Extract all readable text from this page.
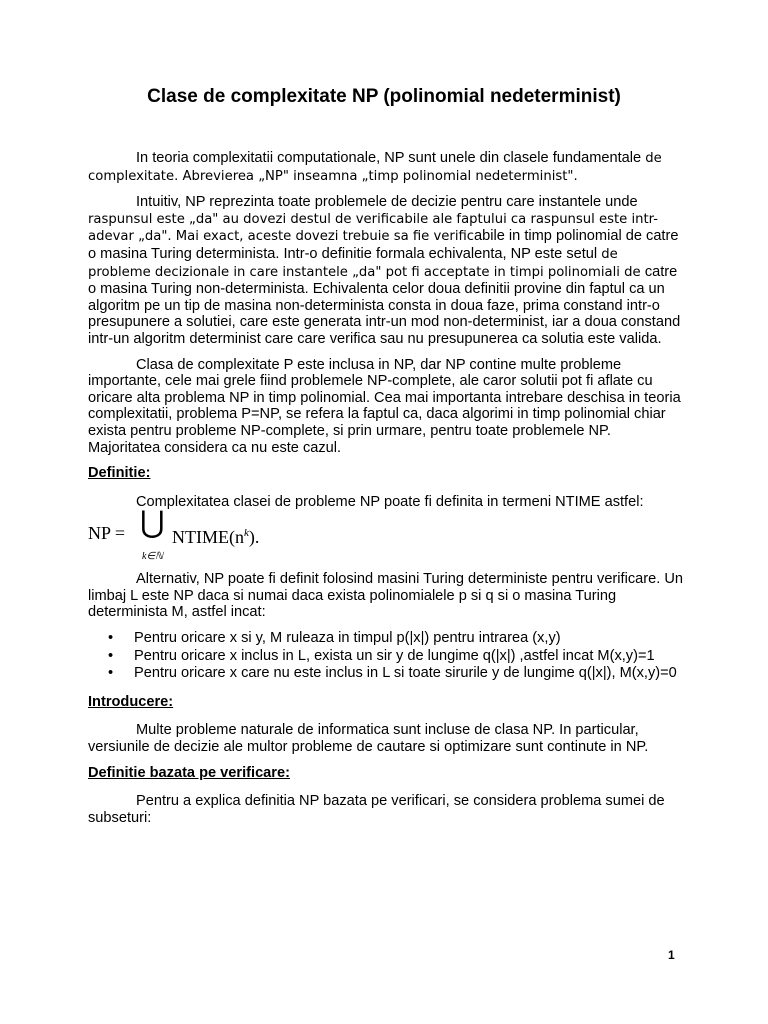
Clase de complexitate NP (polinomial nedeterminist)

In teoria complexitatii computationale, NP sunt unele din clasele fundamentale de complexitate. Abrevierea „NP" inseamna „timp polinomial nedeterminist".

Intuitiv, NP reprezinta toate problemele de decizie pentru care instantele unde raspunsul este „da" au dovezi destul de verificabile ale faptului ca raspunsul este intr-adevar „da". Mai exact, aceste dovezi trebuie sa fie verificabile in timp polinomial de catre o masina Turing determinista. Intr-o definitie formala echivalenta, NP este setul de probleme decizionale in care instantele „da" pot fi acceptate in timpi polinomiali de catre o masina Turing non-determinista. Echivalenta celor doua definitii provine din faptul ca un algoritm pe un tip de masina non-determinista consta in doua faze, prima constand intr-o presupunere a solutiei, care este generata intr-un mod non-determinist, iar a doua constand intr-un algoritm determinist care care verifica sau nu presupunerea ca solutia este valida.

Clasa de complexitate P este inclusa in NP, dar NP contine multe probleme importante, cele mai grele fiind problemele NP-complete, ale caror solutii pot fi aflate cu oricare alta problema NP in timp polinomial. Cea mai importanta intrebare deschisa in teoria complexitatii, problema P=NP, se refera la faptul ca, daca algorimi in timp polinomial chiar exista pentru probleme NP-complete, si prin urmare, pentru toate problemele NP. Majoritatea considera ca nu este cazul.

Definitie:

Complexitatea clasei de probleme NP poate fi definita in termeni NTIME astfel:

NP = ⋃
k∈ℕ
$NTIME(n^k)$.

Alternativ, NP poate fi definit folosind masini Turing deterministe pentru verificare. Un limbaj L este NP daca si numai daca exista polinomialele p si q si o masina Turing determinista M, astfel incat:

• Pentru oricare x si y, M ruleaza in timpul p(|x|) pentru intrarea (x,y)
• Pentru oricare x inclus in L, exista un sir y de lungime q(|x|) ,astfel incat M(x,y)=1
• Pentru oricare x care nu este inclus in L si toate sirurile y de lungime q(|x|), M(x,y)=0

Introducere:

Multe probleme naturale de informatica sunt incluse de clasa NP. In particular, versiunile de decizie ale multor probleme de cautare si optimizare sunt continute in NP.

Definitie bazata pe verificare:

Pentru a explica definitia NP bazata pe verificari, se considera problema sumei de subseturi:

1
